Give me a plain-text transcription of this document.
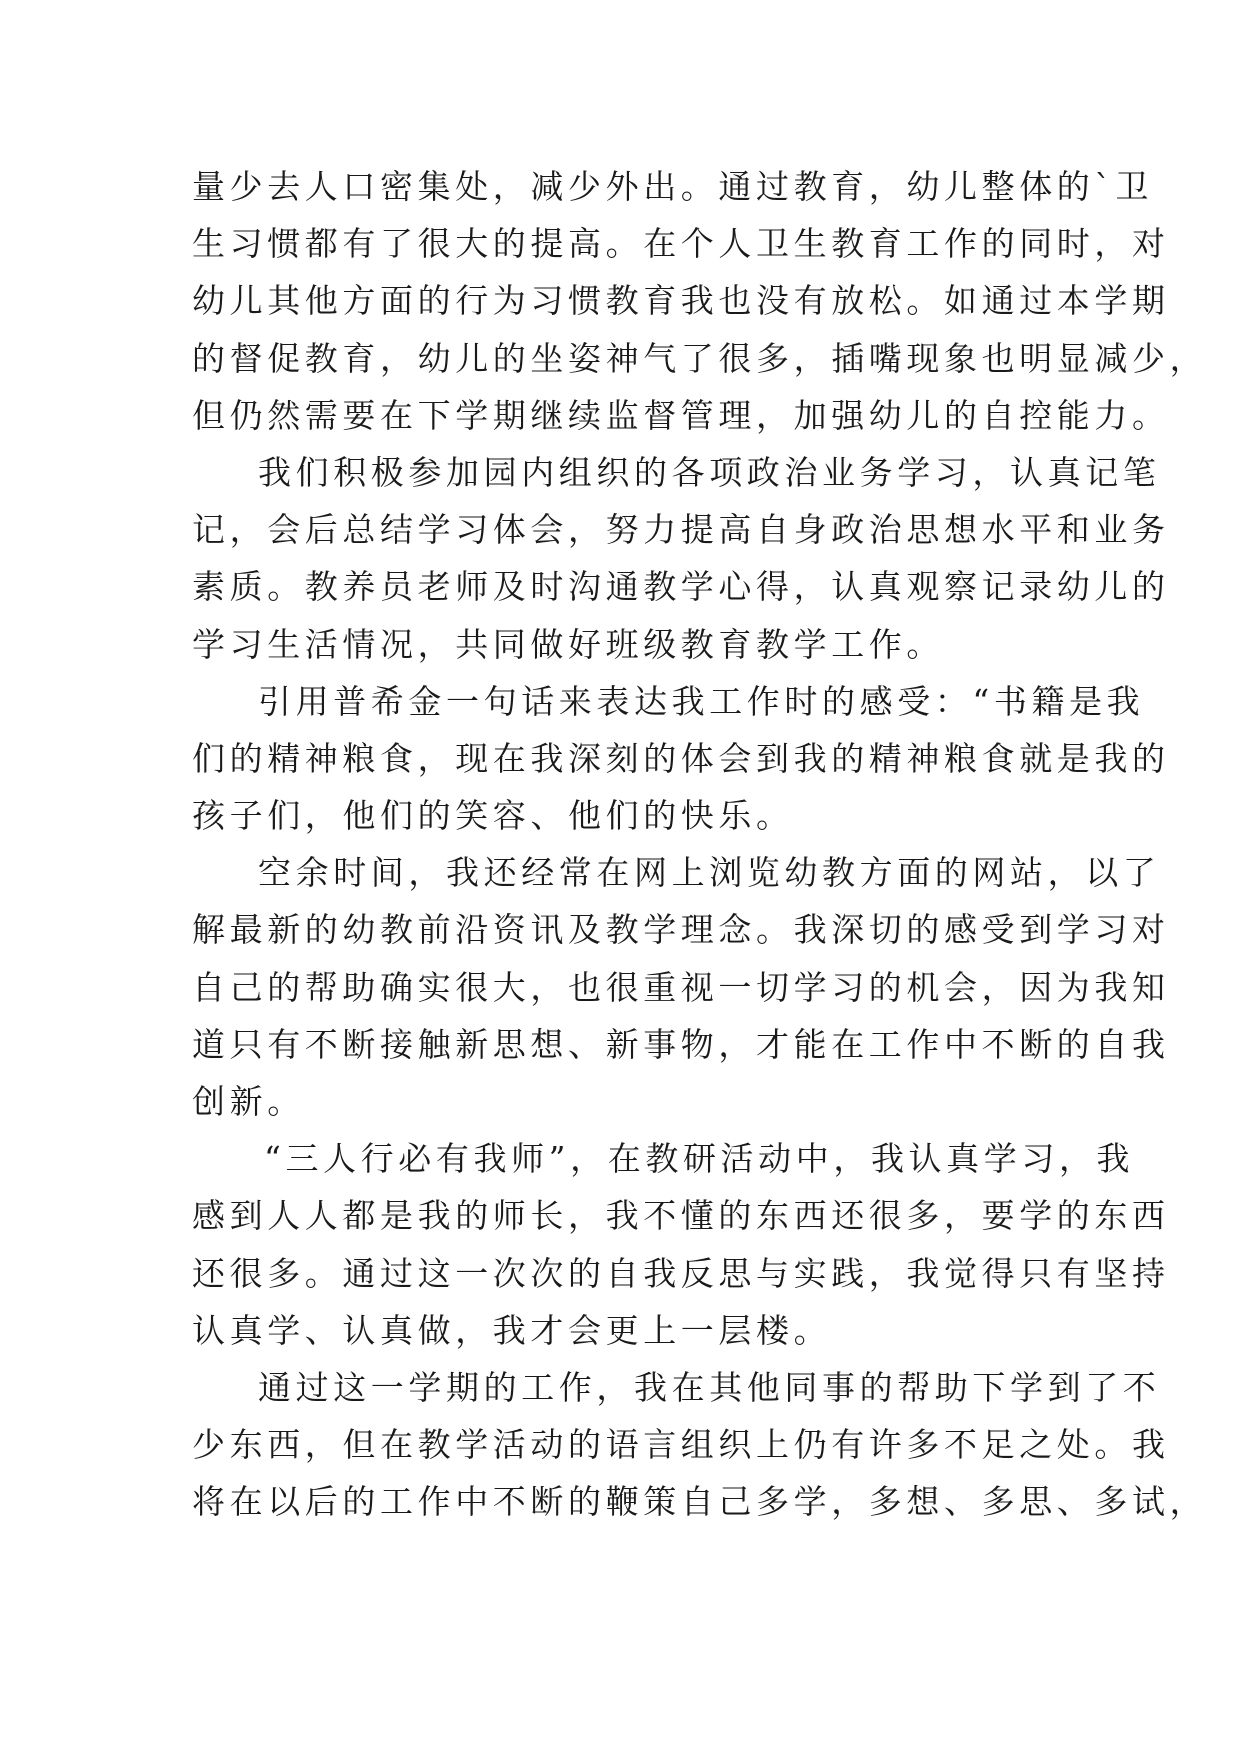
量少去人口密集处，减少外出。通过教育，幼儿整体的`卫
生习惯都有了很大的提高。在个人卫生教育工作的同时，对
幼儿其他方面的行为习惯教育我也没有放松。如通过本学期
的督促教育，幼儿的坐姿神气了很多，插嘴现象也明显减少，
但仍然需要在下学期继续监督管理，加强幼儿的自控能力。
我们积极参加园内组织的各项政治业务学习，认真记笔
记，会后总结学习体会，努力提高自身政治思想水平和业务
素质。教养员老师及时沟通教学心得，认真观察记录幼儿的
学习生活情况，共同做好班级教育教学工作。
引用普希金一句话来表达我工作时的感受：“书籍是我
们的精神粮食，现在我深刻的体会到我的精神粮食就是我的
孩子们，他们的笑容、他们的快乐。
空余时间，我还经常在网上浏览幼教方面的网站，以了
解最新的幼教前沿资讯及教学理念。我深切的感受到学习对
自己的帮助确实很大，也很重视一切学习的机会，因为我知
道只有不断接触新思想、新事物，才能在工作中不断的自我
创新。
“三人行必有我师”，在教研活动中，我认真学习，我
感到人人都是我的师长，我不懂的东西还很多，要学的东西
还很多。通过这一次次的自我反思与实践，我觉得只有坚持
认真学、认真做，我才会更上一层楼。
通过这一学期的工作，我在其他同事的帮助下学到了不
少东西，但在教学活动的语言组织上仍有许多不足之处。我
将在以后的工作中不断的鞭策自己多学，多想、多思、多试，
